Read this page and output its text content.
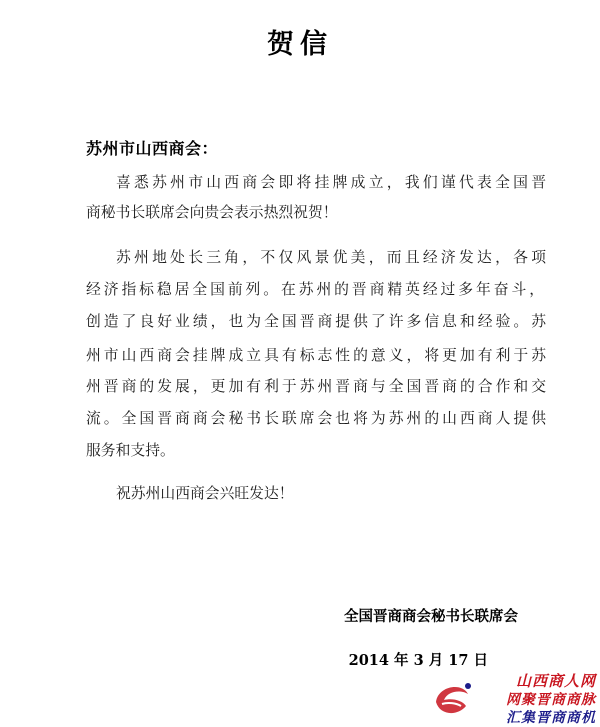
贺信
苏州市山西商会：
喜悉苏州市山西商会即将挂牌成立，我们谨代表全国晋
商秘书长联席会向贵会表示热烈祝贺！
苏州地处长三角，不仅风景优美，而且经济发达，各项
经济指标稳居全国前列。在苏州的晋商精英经过多年奋斗，
创造了良好业绩，也为全国晋商提供了许多信息和经验。苏
州市山西商会挂牌成立具有标志性的意义，将更加有利于苏
州晋商的发展，更加有利于苏州晋商与全国晋商的合作和交
流。全国晋商商会秘书长联席会也将为苏州的山西商人提供
服务和支持。
祝苏州山西商会兴旺发达！
全国晋商商会秘书长联席会
2014 年 3 月 17 日
山西商人网
网聚晋商商脉
汇集晋商商机
